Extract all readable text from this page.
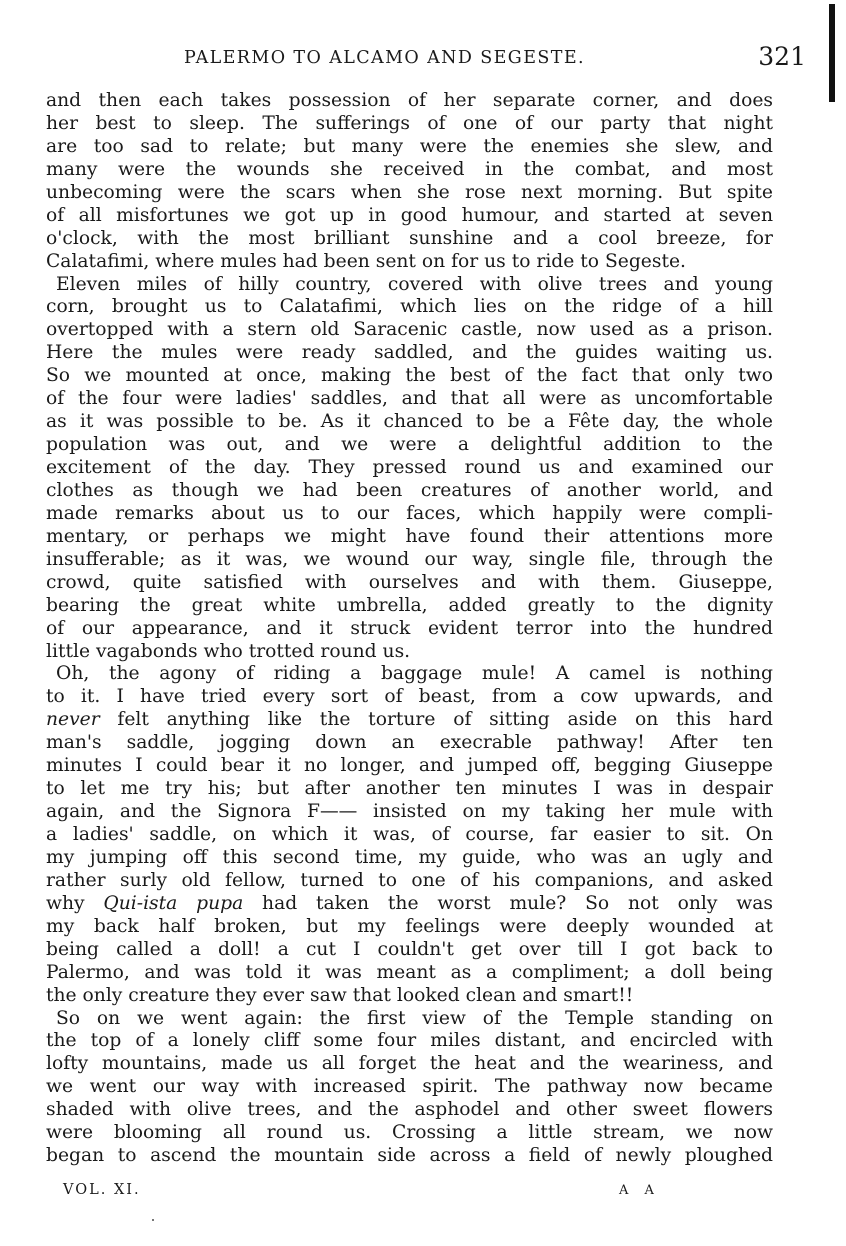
PALERMO TO ALCAMO AND SEGESTE.	321
and then each takes possession of her separate corner, and does
her best to sleep. The sufferings of one of our party that night
are too sad to relate; but many were the enemies she slew, and
many were the wounds she received in the combat, and most
unbecoming were the scars when she rose next morning. But spite
of all misfortunes we got up in good humour, and started at seven
o'clock, with the most brilliant sunshine and a cool breeze, for
Calatafimi, where mules had been sent on for us to ride to Segeste.
Eleven miles of hilly country, covered with olive trees and young
corn, brought us to Calatafimi, which lies on the ridge of a hill
overtopped with a stern old Saracenic castle, now used as a prison.
Here the mules were ready saddled, and the guides waiting us.
So we mounted at once, making the best of the fact that only two
of the four were ladies' saddles, and that all were as uncomfortable
as it was possible to be. As it chanced to be a Fête day, the whole
population was out, and we were a delightful addition to the
excitement of the day. They pressed round us and examined our
clothes as though we had been creatures of another world, and
made remarks about us to our faces, which happily were compli-
mentary, or perhaps we might have found their attentions more
insufferable; as it was, we wound our way, single file, through the
crowd, quite satisfied with ourselves and with them. Giuseppe,
bearing the great white umbrella, added greatly to the dignity
of our appearance, and it struck evident terror into the hundred
little vagabonds who trotted round us.
Oh, the agony of riding a baggage mule! A camel is nothing
to it. I have tried every sort of beast, from a cow upwards, and
never felt anything like the torture of sitting aside on this hard
man's saddle, jogging down an execrable pathway! After ten
minutes I could bear it no longer, and jumped off, begging Giuseppe
to let me try his; but after another ten minutes I was in despair
again, and the Signora F—— insisted on my taking her mule with
a ladies' saddle, on which it was, of course, far easier to sit. On
my jumping off this second time, my guide, who was an ugly and
rather surly old fellow, turned to one of his companions, and asked
why Qui-ista pupa had taken the worst mule? So not only was
my back half broken, but my feelings were deeply wounded at
being called a doll! a cut I couldn't get over till I got back to
Palermo, and was told it was meant as a compliment; a doll being
the only creature they ever saw that looked clean and smart!!
So on we went again: the first view of the Temple standing on
the top of a lonely cliff some four miles distant, and encircled with
lofty mountains, made us all forget the heat and the weariness, and
we went our way with increased spirit. The pathway now became
shaded with olive trees, and the asphodel and other sweet flowers
were blooming all round us. Crossing a little stream, we now
began to ascend the mountain side across a field of newly ploughed
VOL. XI.	A A
